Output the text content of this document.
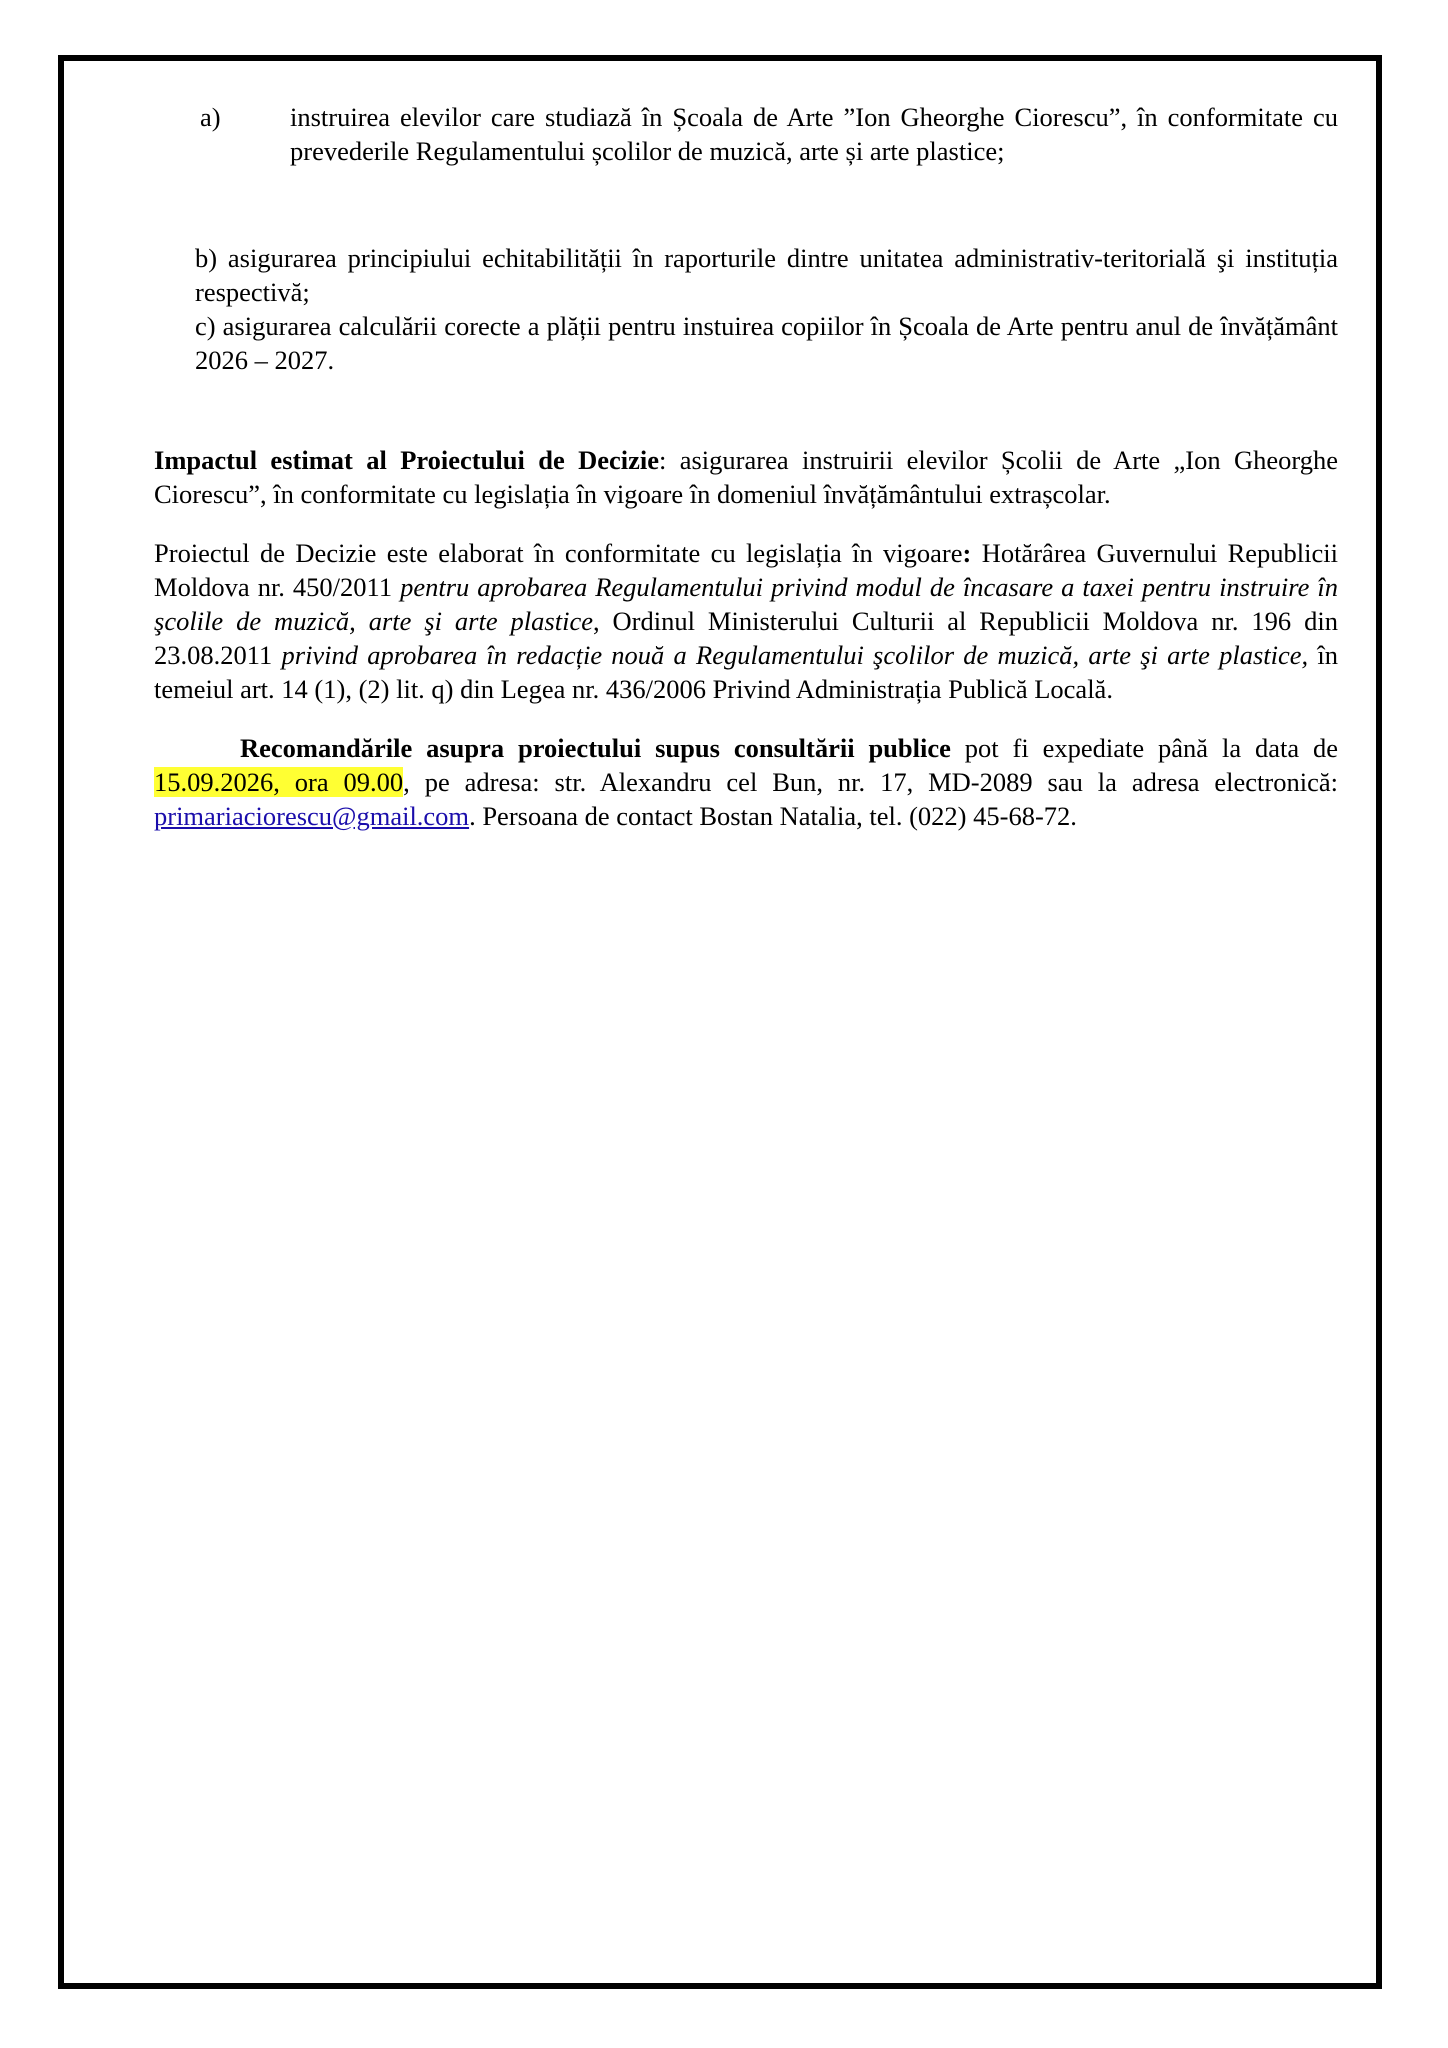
a)	instruirea elevilor care studiază în Școala de Arte ”Ion Gheorghe Ciorescu”, în conformitate cu prevederile Regulamentului școlilor de muzică, arte și arte plastice;

b) asigurarea principiului echitabilității în raporturile dintre unitatea administrativ-teritorială şi instituția respectivă;

c) asigurarea calculării corecte a plății pentru instuirea copiilor în Școala de Arte pentru anul de învățământ 2026 – 2027.

Impactul estimat al Proiectului de Decizie: asigurarea instruirii elevilor Școlii de Arte „Ion Gheorghe Ciorescu”, în conformitate cu legislația în vigoare în domeniul învățământului extrașcolar.

Proiectul de Decizie este elaborat în conformitate cu legislația în vigoare: Hotărârea Guvernului Republicii Moldova nr. 450/2011 pentru aprobarea Regulamentului privind modul de încasare a taxei pentru instruire în şcolile de muzică, arte şi arte plastice, Ordinul Ministerului Culturii al Republicii Moldova nr. 196 din 23.08.2011 privind aprobarea în redacție nouă a Regulamentului şcolilor de muzică, arte şi arte plastice, în temeiul art. 14 (1), (2) lit. q) din Legea nr. 436/2006 Privind Administrația Publică Locală.

Recomandările asupra proiectului supus consultării publice pot fi expediate până la data de 15.09.2026, ora 09.00, pe adresa: str. Alexandru cel Bun, nr. 17, MD-2089 sau la adresa electronică: primariaciorescu@gmail.com. Persoana de contact Bostan Natalia, tel. (022) 45-68-72.
